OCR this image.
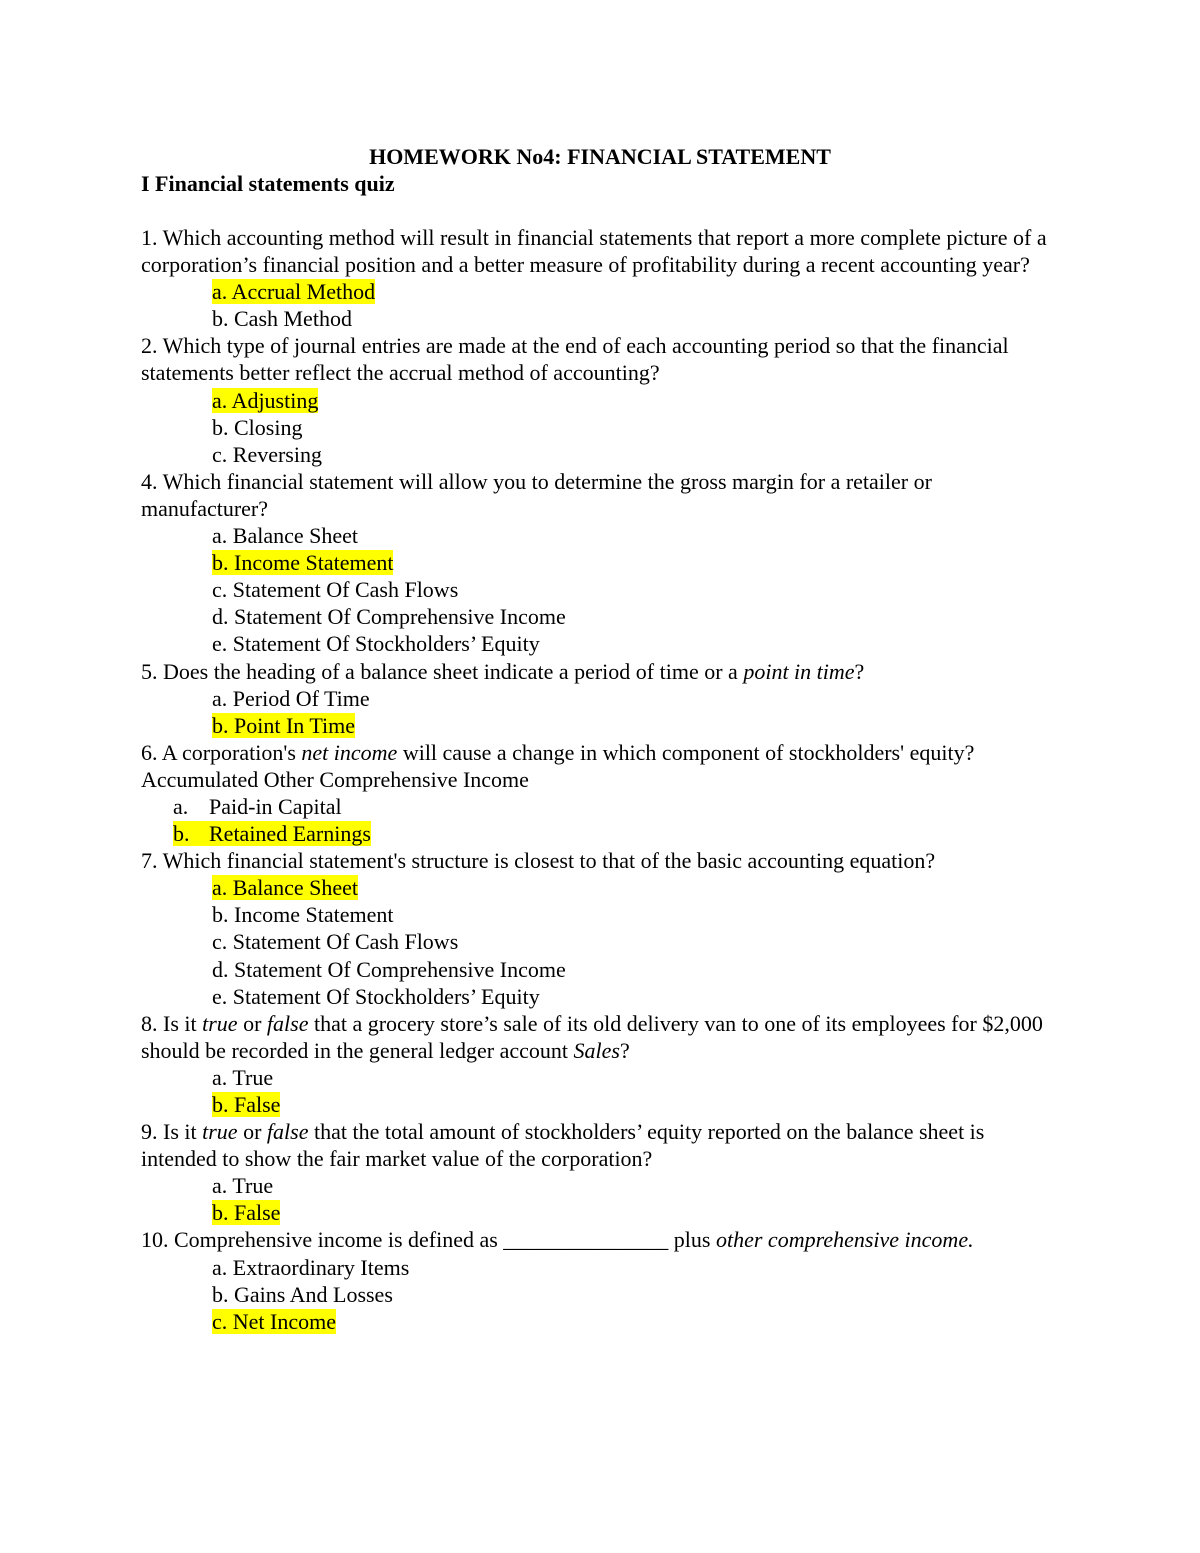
HOMEWORK No4: FINANCIAL STATEMENT
I Financial statements quiz
1. Which accounting method will result in financial statements that report a more complete picture of a corporation’s financial position and a better measure of profitability during a recent accounting year?
a. Accrual Method
b. Cash Method
2. Which type of journal entries are made at the end of each accounting period so that the financial statements better reflect the accrual method of accounting?
a. Adjusting
b. Closing
c. Reversing
4. Which financial statement will allow you to determine the gross margin for a retailer or manufacturer?
a. Balance Sheet
b. Income Statement
c. Statement Of Cash Flows
d. Statement Of Comprehensive Income
e. Statement Of Stockholders’ Equity
5. Does the heading of a balance sheet indicate a period of time or a point in time?
a. Period Of Time
b. Point In Time
6. A corporation's net income will cause a change in which component of stockholders' equity?
Accumulated Other Comprehensive Income
a. Paid-in Capital
b. Retained Earnings
7. Which financial statement's structure is closest to that of the basic accounting equation?
a. Balance Sheet
b. Income Statement
c. Statement Of Cash Flows
d. Statement Of Comprehensive Income
e. Statement Of Stockholders’ Equity
8. Is it true or false that a grocery store’s sale of its old delivery van to one of its employees for $2,000 should be recorded in the general ledger account Sales?
a. True
b. False
9. Is it true or false that the total amount of stockholders’ equity reported on the balance sheet is intended to show the fair market value of the corporation?
a. True
b. False
10. Comprehensive income is defined as _______________ plus other comprehensive income.
a. Extraordinary Items
b. Gains And Losses
c. Net Income
